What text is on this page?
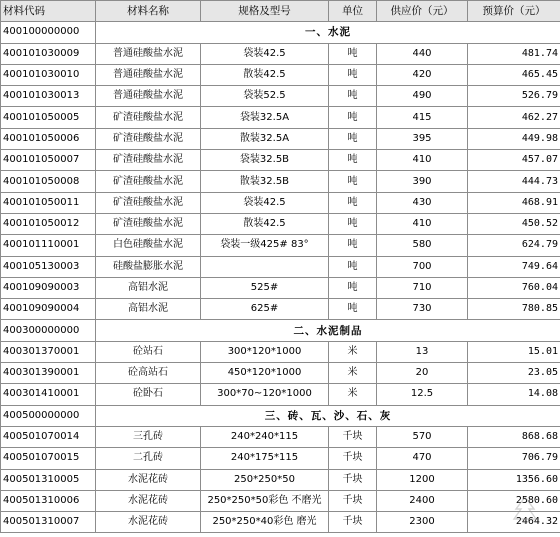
材料代码	材料名称	规格及型号	单位	供应价（元）	预算价（元）
400100000000	一、水泥				
400101030009	普通硅酸盐水泥	袋装42.5	吨	440	481.74
400101030010	普通硅酸盐水泥	散装42.5	吨	420	465.45
400101030013	普通硅酸盐水泥	袋装52.5	吨	490	526.79
400101050005	矿渣硅酸盐水泥	袋装32.5A	吨	415	462.27
400101050006	矿渣硅酸盐水泥	散装32.5A	吨	395	449.98
400101050007	矿渣硅酸盐水泥	袋装32.5B	吨	410	457.07
400101050008	矿渣硅酸盐水泥	散装32.5B	吨	390	444.73
400101050011	矿渣硅酸盐水泥	袋装42.5	吨	430	468.91
400101050012	矿渣硅酸盐水泥	散装42.5	吨	410	450.52
400101110001	白色硅酸盐水泥	袋装一级425# 83°	吨	580	624.79
400105130003	硅酸盐膨胀水泥		吨	700	749.64
400109090003	高铝水泥	525#	吨	710	760.04
400109090004	高铝水泥	625#	吨	730	780.85
400300000000	二、水泥制品				
400301370001	砼站石	300*120*1000	米	13	15.01
400301390001	砼高站石	450*120*1000	米	20	23.05
400301410001	砼卧石	300*70~120*1000	米	12.5	14.08
400500000000	三、砖、瓦、沙、石、灰				
400501070014	三孔砖	240*240*115	千块	570	868.68
400501070015	二孔砖	240*175*115	千块	470	706.79
400501310005	水泥花砖	250*250*50	千块	1200	1356.60
400501310006	水泥花砖	250*250*50彩色 不磨光	千块	2400	2580.60
400501310007	水泥花砖	250*250*40彩色 磨光	千块	2300	2464.32
